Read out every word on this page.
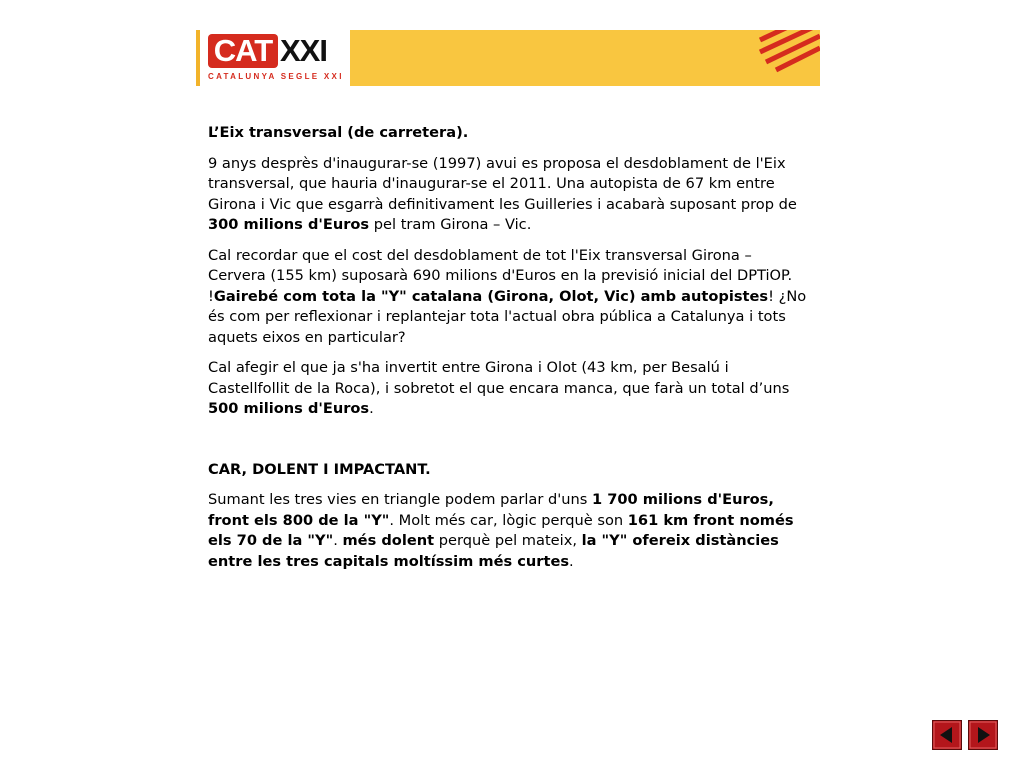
CAT XXI
CATALUNYA SEGLE XXI

L’Eix transversal (de carretera).

9 anys desprès d'inaugurar-se (1997) avui es proposa el desdoblament de l'Eix transversal, que hauria d'inaugurar-se el 2011. Una autopista de 67 km entre Girona i Vic que esgarrà definitivament les Guilleries i acabarà suposant prop de 300 milions d'Euros pel tram Girona – Vic.

Cal recordar que el cost del desdoblament de tot l'Eix transversal Girona – Cervera (155 km) suposarà 690 milions d'Euros en la previsió inicial del DPTiOP. !Gairebé com tota la "Y" catalana (Girona, Olot, Vic) amb autopistes! ¿No és com per reflexionar i replantejar tota l'actual obra pública a Catalunya i tots aquets eixos en particular?

Cal afegir el que ja s'ha invertit entre Girona i Olot (43 km, per Besalú i Castellfollit de la Roca), i sobretot el que encara manca, que farà un total d’uns 500 milions d'Euros.

CAR, DOLENT I IMPACTANT.

Sumant les tres vies en triangle podem parlar d'uns 1 700 milions d'Euros, front els 800 de la "Y". Molt més car, lògic perquè son 161 km front només els 70 de la "Y". més dolent perquè pel mateix, la "Y" ofereix distàncies entre les tres capitals moltíssim més curtes.
